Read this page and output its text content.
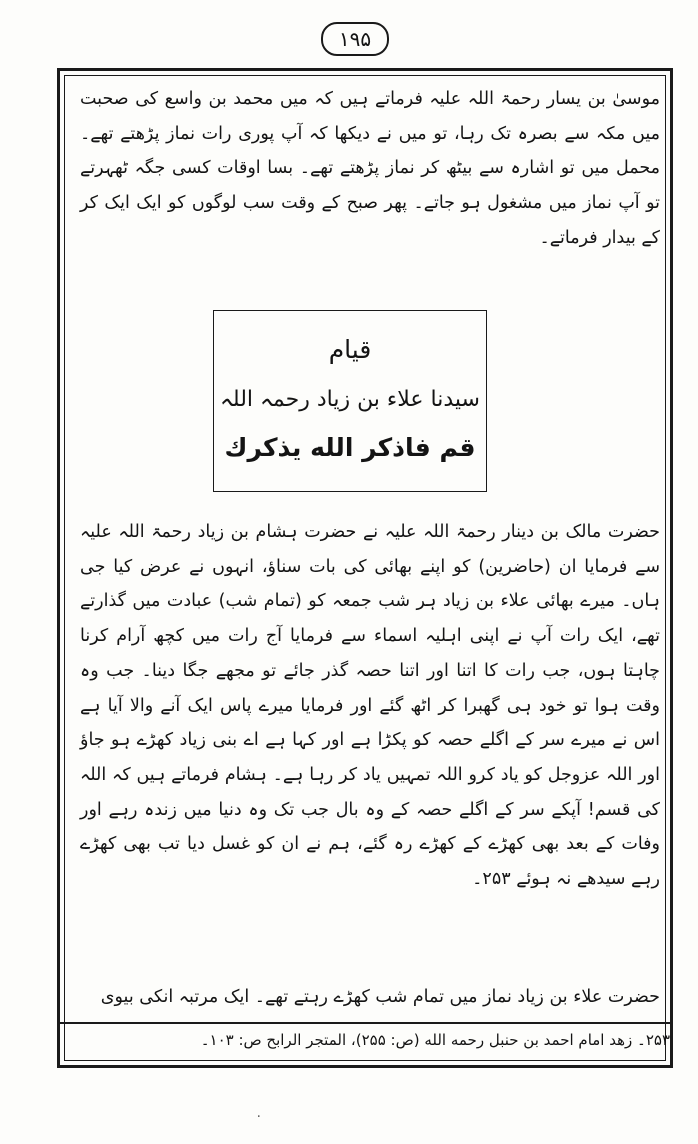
۱۹۵

موسیٰ بن یسار رحمۃ اللہ علیہ فرماتے ہیں کہ میں محمد بن واسع کی صحبت میں مکہ سے بصرہ تک رہا، تو میں نے دیکھا کہ آپ پوری رات نماز پڑھتے تھے۔ محمل میں تو اشارہ سے بیٹھ کر نماز پڑھتے تھے۔ بسا اوقات کسی جگہ ٹھہرتے تو آپ نماز میں مشغول ہو جاتے۔ پھر صبح کے وقت سب لوگوں کو ایک ایک کر کے بیدار فرماتے۔

قیام
سیدنا علاء بن زیاد رحمہ اللہ
قم فاذكر الله يذكرك

حضرت مالک بن دینار رحمۃ اللہ علیہ نے حضرت ہشام بن زیاد رحمۃ اللہ علیہ سے فرمایا ان (حاضرین) کو اپنے بھائی کی بات سناؤ، انہوں نے عرض کیا جی ہاں۔ میرے بھائی علاء بن زیاد ہر شب جمعہ کو (تمام شب) عبادت میں گذارتے تھے، ایک رات آپ نے اپنی اہلیہ اسماء سے فرمایا آج رات میں کچھ آرام کرنا چاہتا ہوں، جب رات کا اتنا اور اتنا حصہ گذر جائے تو مجھے جگا دینا۔ جب وہ وقت ہوا تو خود ہی گھبرا کر اٹھ گئے اور فرمایا میرے پاس ایک آنے والا آیا ہے اس نے میرے سر کے اگلے حصہ کو پکڑا ہے اور کہا ہے اے بنی زیاد کھڑے ہو جاؤ اور اللہ عزوجل کو یاد کرو اللہ تمہیں یاد کر رہا ہے۔ ہشام فرماتے ہیں کہ اللہ کی قسم! آپکے سر کے اگلے حصہ کے وہ بال جب تک وہ دنیا میں زندہ رہے اور وفات کے بعد بھی کھڑے کے کھڑے رہ گئے، ہم نے ان کو غسل دیا تب بھی کھڑے رہے سیدھے نہ ہوئے ۲۵۳۔

حضرت علاء بن زیاد نماز میں تمام شب کھڑے رہتے تھے۔ ایک مرتبہ انکی بیوی

۲۵۳۔ زهد امام احمد بن حنبل رحمه الله (ص: ۲۵۵)، المتجر الرابح ص: ۱۰۳۔

۰
